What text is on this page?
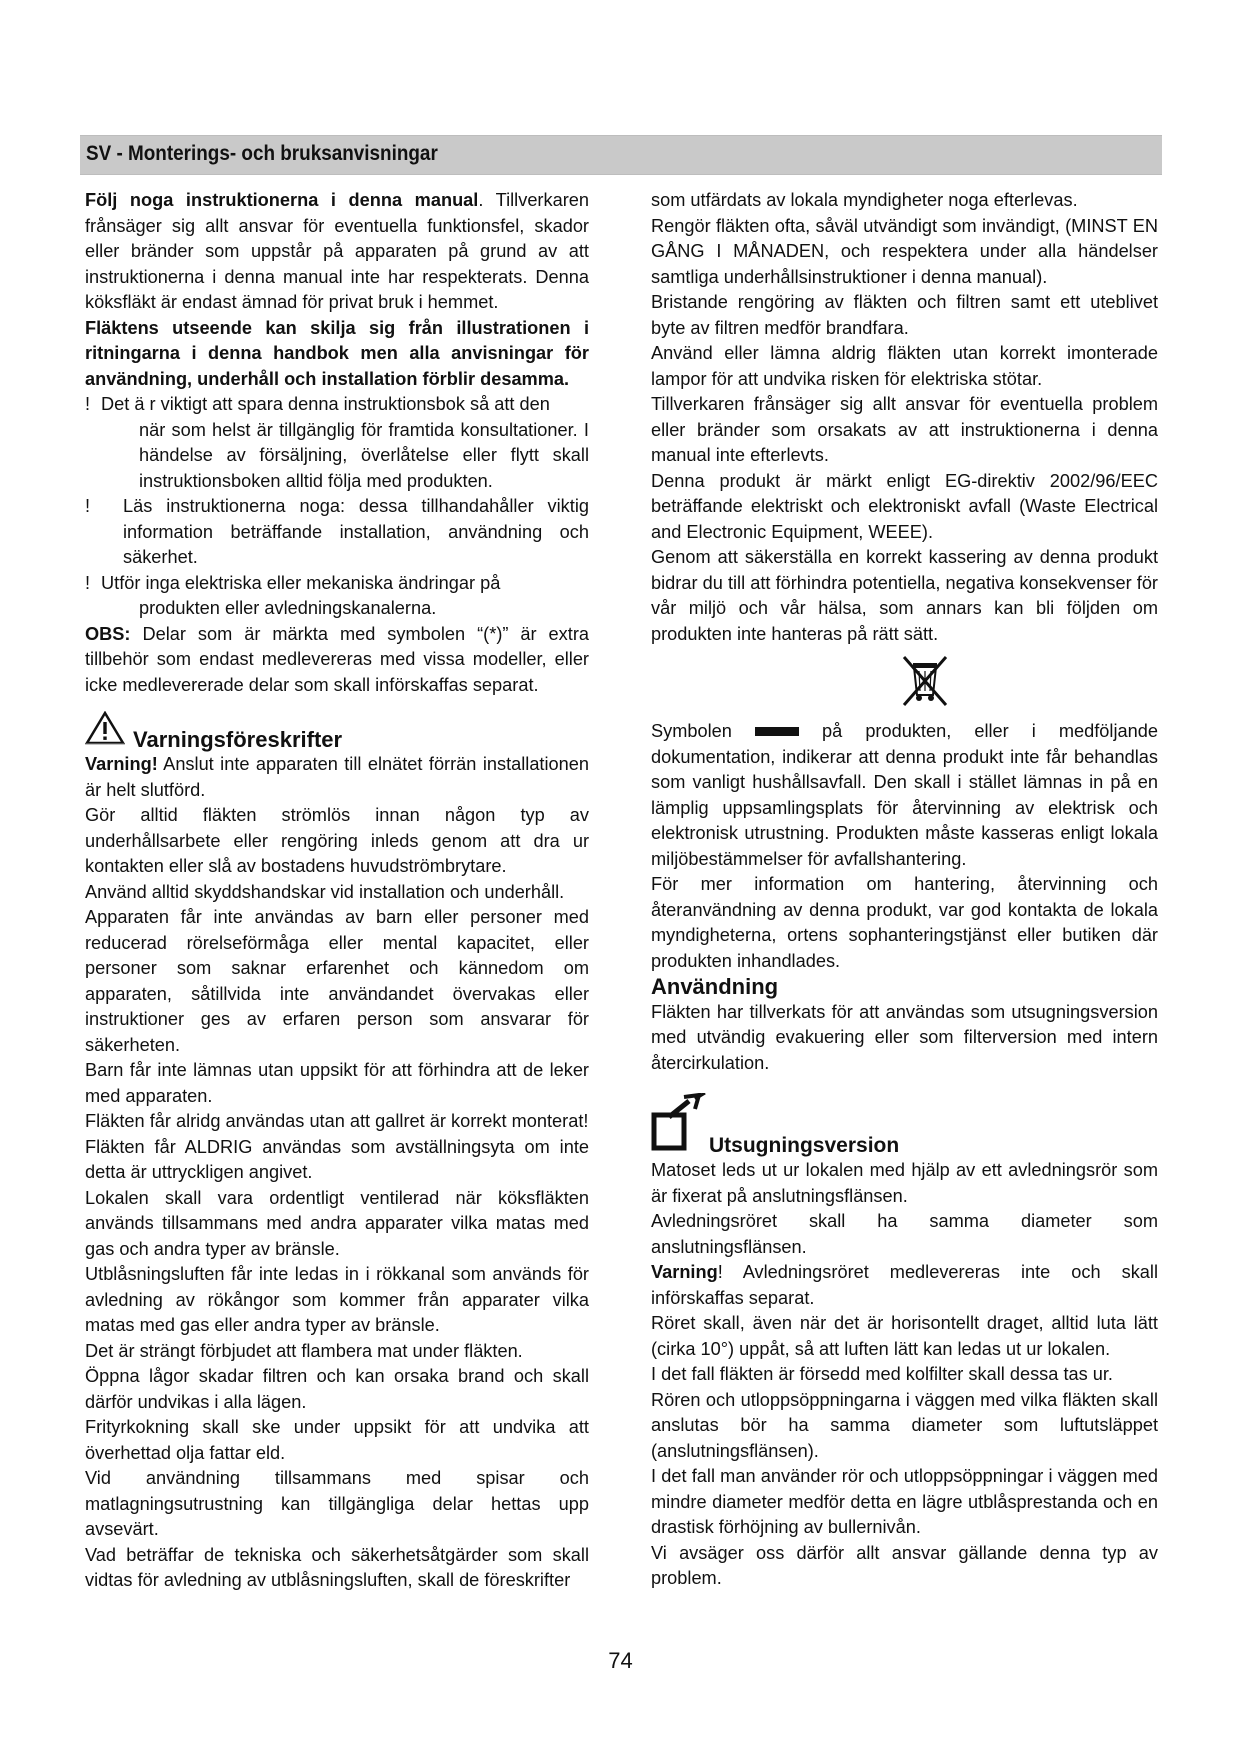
SV - Monterings- och bruksanvisningar

Följ noga instruktionerna i denna manual. Tillverkaren frånsäger sig allt ansvar för eventuella funktionsfel, skador eller bränder som uppstår på apparaten på grund av att instruktionerna i denna manual inte har respekterats. Denna köksfläkt är endast ämnad för privat bruk i hemmet.

Fläktens utseende kan skilja sig från illustrationen i ritningarna i denna handbok men alla anvisningar för användning, underhåll och installation förblir desamma.

! Det ä r viktigt att spara denna instruktionsbok så att den
när som helst är tillgänglig för framtida konsultationer. I händelse av försäljning, överlåtelse eller flytt skall instruktionsboken alltid följa med produkten.
!	Läs instruktionerna noga: dessa tillhandahåller viktig information beträffande installation, användning och säkerhet.
! Utför inga elektriska eller mekaniska ändringar på
produkten eller avledningskanalerna.

OBS: Delar som är märkta med symbolen “(*)” är extra tillbehör som endast medlevereras med vissa modeller, eller icke medlevererade delar som skall införskaffas separat.

Varningsföreskrifter

Varning! Anslut inte apparaten till elnätet förrän installationen är helt slutförd.

Gör alltid fläkten strömlös innan någon typ av underhållsarbete eller rengöring inleds genom att dra ur kontakten eller slå av bostadens huvudströmbrytare.

Använd alltid skyddshandskar vid installation och underhåll.

Apparaten får inte användas av barn eller personer med reducerad rörelseförmåga eller mental kapacitet, eller personer som saknar erfarenhet och kännedom om apparaten, såtillvida inte användandet övervakas eller instruktioner ges av erfaren person som ansvarar för säkerheten.

Barn får inte lämnas utan uppsikt för att förhindra att de leker med apparaten.

Fläkten får alridg användas utan att gallret är korrekt monterat!

Fläkten får ALDRIG användas som avställningsyta om inte detta är uttryckligen angivet.

Lokalen skall vara ordentligt ventilerad när köksfläkten används tillsammans med andra apparater vilka matas med gas och andra typer av bränsle.

Utblåsningsluften får inte ledas in i rökkanal som används för avledning av rökångor som kommer från apparater vilka matas med gas eller andra typer av bränsle.

Det är strängt förbjudet att flambera mat under fläkten.

Öppna lågor skadar filtren och kan orsaka brand och skall därför undvikas i alla lägen.

Frityrkokning skall ske under uppsikt för att undvika att överhettad olja fattar eld.

Vid användning tillsammans med spisar och matlagningsutrustning kan tillgängliga delar hettas upp avsevärt.

Vad beträffar de tekniska och säkerhetsåtgärder som skall vidtas för avledning av utblåsningsluften, skall de föreskrifter

som utfärdats av lokala myndigheter noga efterlevas.

Rengör fläkten ofta, såväl utvändigt som invändigt, (MINST EN GÅNG I MÅNADEN, och respektera under alla händelser samtliga underhållsinstruktioner i denna manual).

Bristande rengöring av fläkten och filtren samt ett uteblivet byte av filtren medför brandfara.

Använd eller lämna aldrig fläkten utan korrekt imonterade lampor för att undvika risken för elektriska stötar.

Tillverkaren frånsäger sig allt ansvar för eventuella problem eller bränder som orsakats av att instruktionerna i denna manual inte efterlevts.

Denna produkt är märkt enligt EG-direktiv 2002/96/EEC beträffande elektriskt och elektroniskt avfall (Waste Electrical and Electronic Equipment, WEEE).

Genom att säkerställa en korrekt kassering av denna produkt bidrar du till att förhindra potentiella, negativa konsekvenser för vår miljö och vår hälsa, som annars kan bli följden om produkten inte hanteras på rätt sätt.

Symbolen	på produkten, eller i medföljande

dokumentation, indikerar att denna produkt inte får behandlas som vanligt hushållsavfall. Den skall i stället lämnas in på en lämplig uppsamlingsplats för återvinning av elektrisk och elektronisk utrustning. Produkten måste kasseras enligt lokala miljöbestämmelser för avfallshantering.

För mer information om hantering, återvinning och återanvändning av denna produkt, var god kontakta de lokala myndigheterna, ortens sophanteringstjänst eller butiken där produkten inhandlades.

Användning

Fläkten har tillverkats för att användas som utsugningsversion med utvändig evakuering eller som filterversion med intern återcirkulation.

Utsugningsversion

Matoset leds ut ur lokalen med hjälp av ett avledningsrör som är fixerat på anslutningsflänsen.

Avledningsröret skall ha samma diameter som anslutningsflänsen.

Varning! Avledningsröret medlevereras inte och skall införskaffas separat.

Röret skall, även när det är horisontellt draget, alltid luta lätt (cirka 10°) uppåt, så att luften lätt kan ledas ut ur lokalen.

I det fall fläkten är försedd med kolfilter skall dessa tas ur.

Rören och utloppsöppningarna i väggen med vilka fläkten skall anslutas bör ha samma diameter som luftutsläppet (anslutningsflänsen).

I det fall man använder rör och utloppsöppningar i väggen med mindre diameter medför detta en lägre utblåsprestanda och en drastisk förhöjning av bullernivån.

Vi avsäger oss därför allt ansvar gällande denna typ av problem.

74
